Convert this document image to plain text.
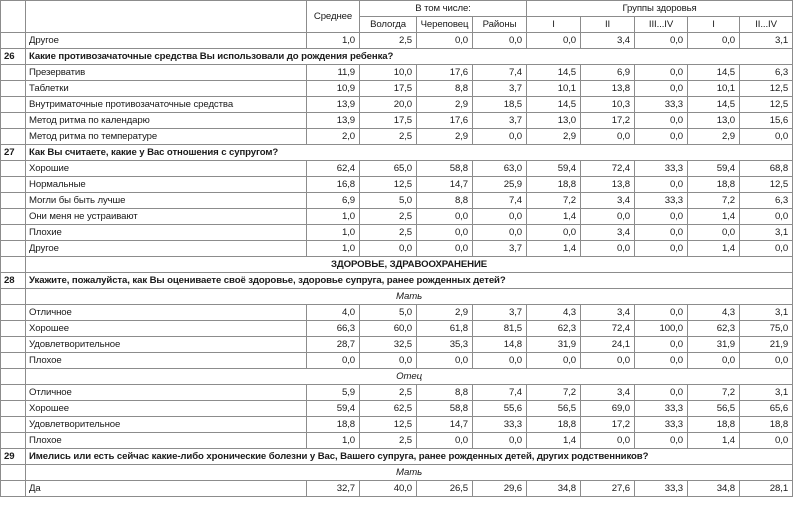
		Среднее	В том числе:			Группы здоровья				
			Вологда	Череповец	Районы	I	II	III...IV	I	II...IV
	Другое	1,0	2,5	0,0	0,0	0,0	3,4	0,0	0,0	3,1
26	Какие противозачаточные средства Вы использовали до рождения ребенка?									
	Презерватив	11,9	10,0	17,6	7,4	14,5	6,9	0,0	14,5	6,3
	Таблетки	10,9	17,5	8,8	3,7	10,1	13,8	0,0	10,1	12,5
	Внутриматочные противозачаточные средства	13,9	20,0	2,9	18,5	14,5	10,3	33,3	14,5	12,5
	Метод ритма по календарю	13,9	17,5	17,6	3,7	13,0	17,2	0,0	13,0	15,6
	Метод ритма по температуре	2,0	2,5	2,9	0,0	2,9	0,0	0,0	2,9	0,0
27	Как Вы считаете, какие у Вас отношения с супругом?									
	Хорошие	62,4	65,0	58,8	63,0	59,4	72,4	33,3	59,4	68,8
	Нормальные	16,8	12,5	14,7	25,9	18,8	13,8	0,0	18,8	12,5
	Могли бы быть лучше	6,9	5,0	8,8	7,4	7,2	3,4	33,3	7,2	6,3
	Они меня не устраивают	1,0	2,5	0,0	0,0	1,4	0,0	0,0	1,4	0,0
	Плохие	1,0	2,5	0,0	0,0	0,0	3,4	0,0	0,0	3,1
	Другое	1,0	0,0	0,0	3,7	1,4	0,0	0,0	1,4	0,0
	ЗДОРОВЬЕ, ЗДРАВООХРАНЕНИЕ									
28	Укажите, пожалуйста, как Вы оцениваете своё здоровье, здоровье супруга, ранее рожденных детей?									
	Мать									
	Отличное	4,0	5,0	2,9	3,7	4,3	3,4	0,0	4,3	3,1
	Хорошее	66,3	60,0	61,8	81,5	62,3	72,4	100,0	62,3	75,0
	Удовлетворительное	28,7	32,5	35,3	14,8	31,9	24,1	0,0	31,9	21,9
	Плохое	0,0	0,0	0,0	0,0	0,0	0,0	0,0	0,0	0,0
	Отец									
	Отличное	5,9	2,5	8,8	7,4	7,2	3,4	0,0	7,2	3,1
	Хорошее	59,4	62,5	58,8	55,6	56,5	69,0	33,3	56,5	65,6
	Удовлетворительное	18,8	12,5	14,7	33,3	18,8	17,2	33,3	18,8	18,8
	Плохое	1,0	2,5	0,0	0,0	1,4	0,0	0,0	1,4	0,0
29	Имелись или есть сейчас какие-либо хронические болезни у Вас, Вашего супруга, ранее рожденных детей, других родственников?									
	Мать									
	Да	32,7	40,0	26,5	29,6	34,8	27,6	33,3	34,8	28,1
